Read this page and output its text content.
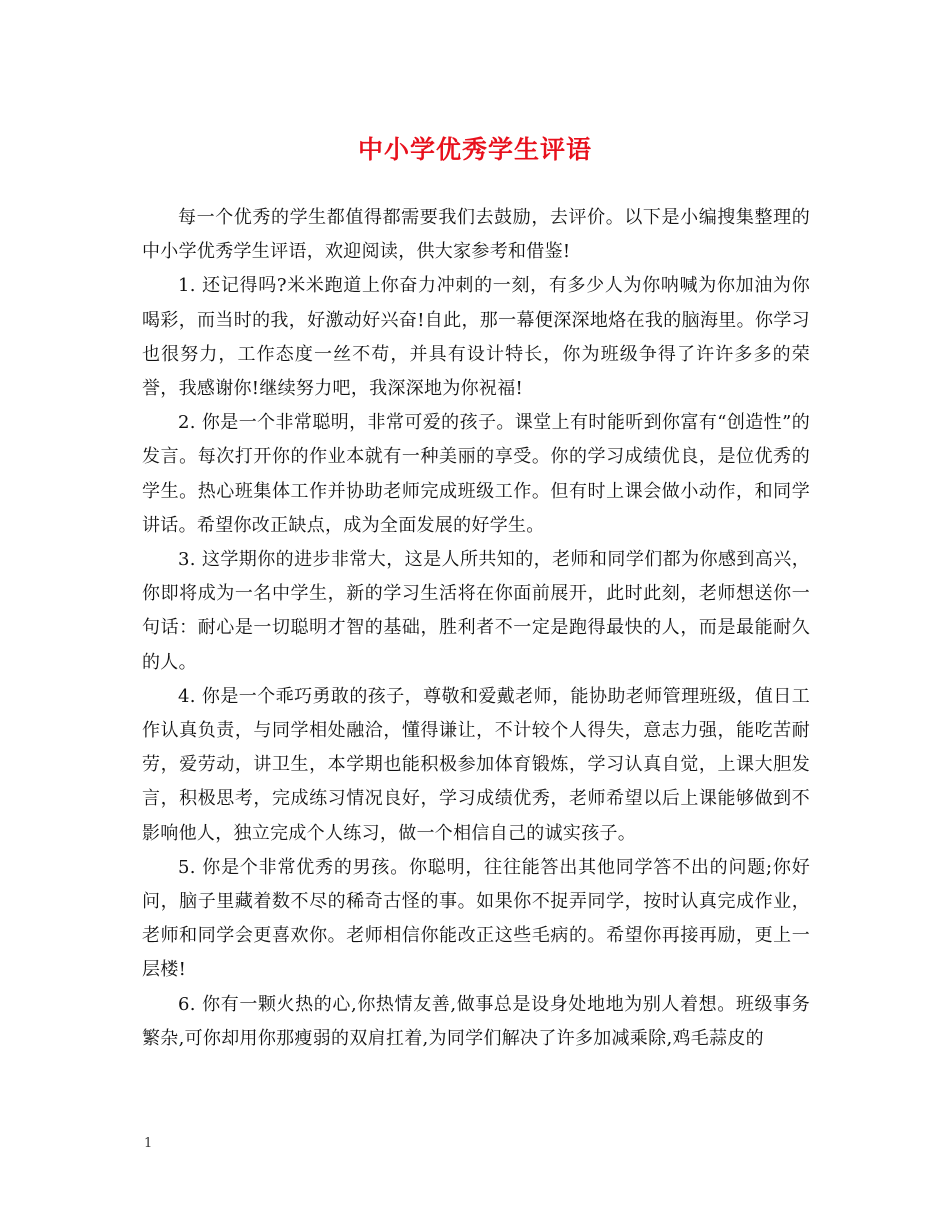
中小学优秀学生评语

每一个优秀的学生都值得都需要我们去鼓励，去评价。以下是小编搜集整理的中小学优秀学生评语，欢迎阅读，供大家参考和借鉴!

1. 还记得吗?米米跑道上你奋力冲刺的一刻，有多少人为你呐喊为你加油为你喝彩，而当时的我，好激动好兴奋!自此，那一幕便深深地烙在我的脑海里。你学习也很努力，工作态度一丝不苟，并具有设计特长，你为班级争得了许许多多的荣誉，我感谢你!继续努力吧，我深深地为你祝福!

2. 你是一个非常聪明，非常可爱的孩子。课堂上有时能听到你富有“创造性”的发言。每次打开你的作业本就有一种美丽的享受。你的学习成绩优良，是位优秀的学生。热心班集体工作并协助老师完成班级工作。但有时上课会做小动作，和同学讲话。希望你改正缺点，成为全面发展的好学生。

3. 这学期你的进步非常大，这是人所共知的，老师和同学们都为你感到高兴，你即将成为一名中学生，新的学习生活将在你面前展开，此时此刻，老师想送你一句话：耐心是一切聪明才智的基础，胜利者不一定是跑得最快的人，而是最能耐久的人。

4. 你是一个乖巧勇敢的孩子，尊敬和爱戴老师，能协助老师管理班级，值日工作认真负责，与同学相处融洽，懂得谦让，不计较个人得失，意志力强，能吃苦耐劳，爱劳动，讲卫生，本学期也能积极参加体育锻炼，学习认真自觉，上课大胆发言，积极思考，完成练习情况良好，学习成绩优秀，老师希望以后上课能够做到不影响他人，独立完成个人练习，做一个相信自己的诚实孩子。

5. 你是个非常优秀的男孩。你聪明，往往能答出其他同学答不出的问题;你好问，脑子里藏着数不尽的稀奇古怪的事。如果你不捉弄同学，按时认真完成作业，老师和同学会更喜欢你。老师相信你能改正这些毛病的。希望你再接再励，更上一层楼!

6. 你有一颗火热的心,你热情友善,做事总是设身处地地为别人着想。班级事务繁杂,可你却用你那瘦弱的双肩扛着,为同学们解决了许多加减乘除,鸡毛蒜皮的

1
